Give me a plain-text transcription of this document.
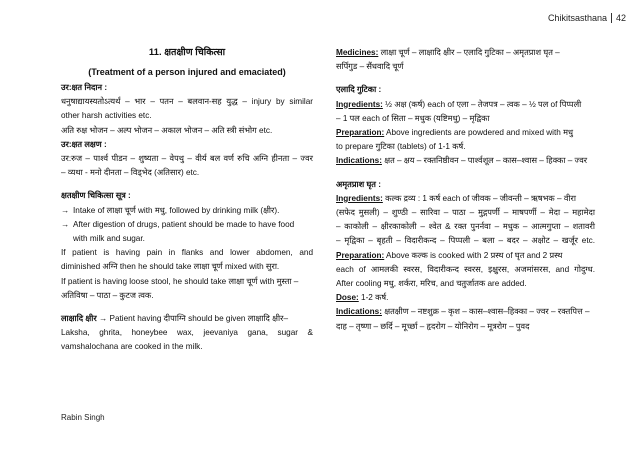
Chikitsasthana 42
11. क्षतक्षीण चिकित्सा
(Treatment of a person injured and emaciated)
उर:क्षत निदान :
धनुषाद्यायस्यतोऽत्यर्थं – भार – पतन – बलवान-सह युद्ध – injury by similar
other harsh activities etc.
अति रुक्ष भोजन – अल्प भोजन – अकाल भोजन – अति स्त्री संभोग etc.
उर:क्षत लक्षण :
उर:रुज – पार्श्व पीडन – शुष्यता – वेपथु – वीर्य बल वर्ण रुचि अग्नि हीनता – ज्वर
– व्यथा - मनो दीनता – विड्भेद (अतिसार) etc.
क्षतक्षीण चिकित्सा सूत्र :
→ Intake of लाक्षा चूर्ण with मधु, followed by drinking milk (क्षीर).
→ After digestion of drugs, patient should be made to have food
with milk and sugar.
If patient is having pain in flanks and lower abdomen, and
diminished अग्नि then he should take लाक्षा चूर्ण mixed with सुरा.
If patient is having loose stool, he should take लाक्षा चूर्ण with मुस्ता –
अतिविषा – पाठा – कुटज त्वक.
लाक्षादि क्षीर → Patient having दीपाग्नि should be given लाक्षादि क्षीर–
Laksha, ghrita, honeybee wax, jeevaniya gana, sugar &
vamshalochana are cooked in the milk.
Medicines: लाक्षा चूर्ण – लाक्षादि क्षीर – एलादि गुटिका – अमृतप्राश घृत –
सर्पिगुड – सैंधवादि चूर्ण
एलादि गुटिका :
Ingredients: ½ अक्ष (कर्ष) each of एला – तेजपत्र – त्वक – ½ पल of पिप्पली
– 1 पल each of सिता – मधुक (यष्टिमधु) – मृद्विका
Preparation: Above ingredients are powdered and mixed with मधु
to prepare गुटिका (tablets) of 1-1 कर्ष.
Indications: क्षत – क्षय – रक्तनिष्ठीवन – पार्श्वशूल – कास–श्वास – हिक्का – ज्वर
अमृतप्राश घृत :
Ingredients: कल्क द्रव्य : 1 कर्ष each of जीवक – जीवन्ती – ऋषभक – वीरा
(सफेद मुसली) – शुण्ठी – सारिवा – पाठा – मुद्गपर्णी – माषपर्णी – मेदा – महामेदा
– काकोली – क्षीरकाकोली – श्वेत & रक्त पुनर्नवा – मधुक – आत्मगुप्ता – शतावरी
– मृद्विका – बृहती – विदारीकन्द – पिप्पली – बला – बदर – अक्षोट – खर्जूर etc.
Preparation: Above कल्क is cooked with 2 प्रस्थ of घृत and 2 प्रस्थ
each of आमलकी स्वरस, विदारीकन्द स्वरस, इक्षुरस, अजमांसरस, and गोदुग्ध.
After cooling मधु, शर्करा, मरिच, and चतुर्जातक are added.
Dose: 1-2 कर्ष.
Indications: क्षतक्षीण – नष्टशुक्र – कृश – कास–श्वास–हिक्का – ज्वर – रक्तपित्त –
दाह – तृष्णा – छर्दि – मूर्च्छा – हृदरोग – योनिरोग – मूत्ररोग – पुवद
Rabin Singh
